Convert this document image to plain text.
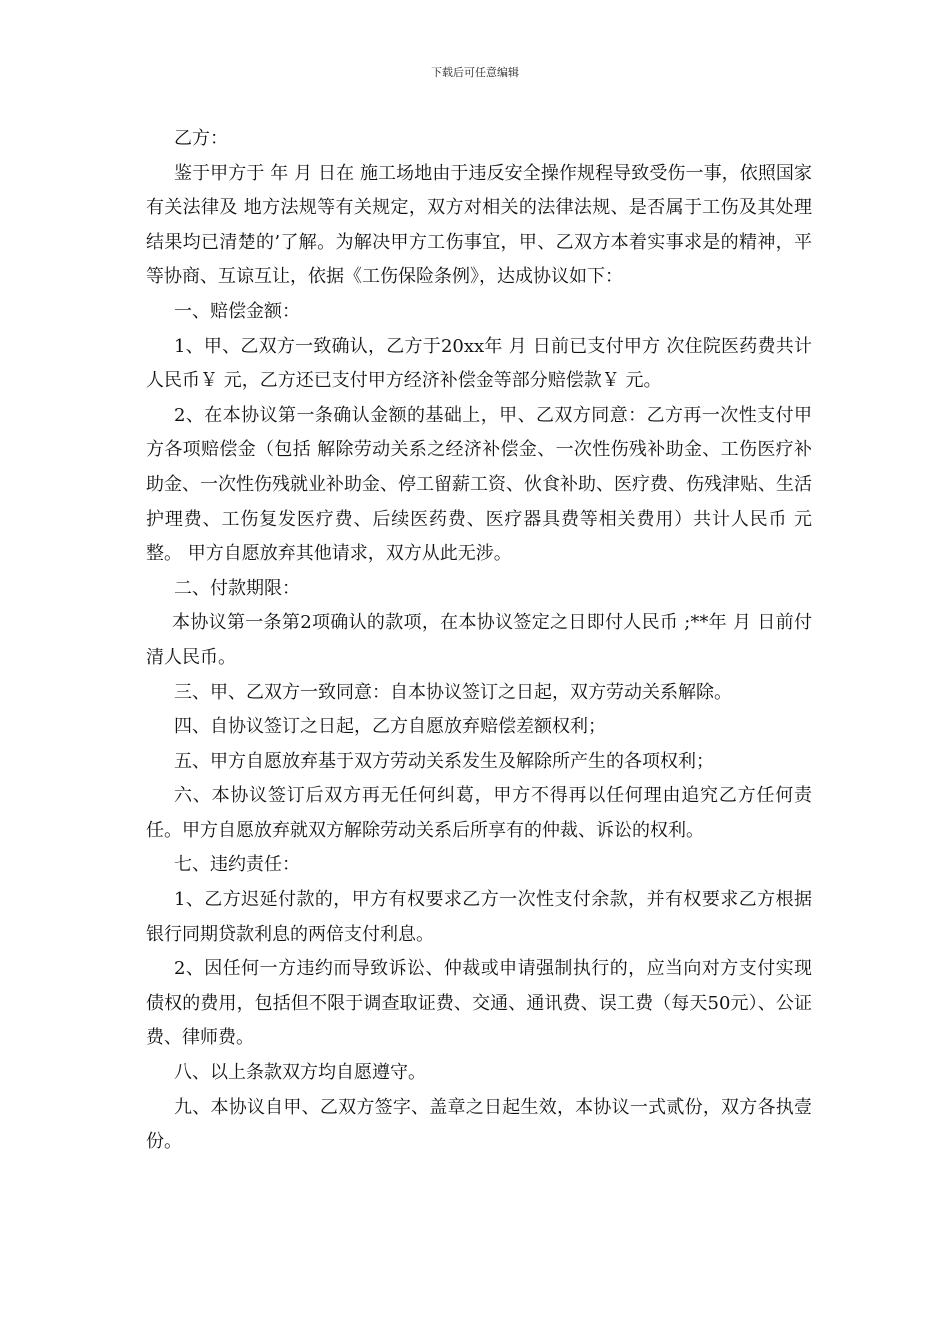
下载后可任意编辑

乙方：

鉴于甲方于 年 月 日在 施工场地由于违反安全操作规程导致受伤一事，依照国家有关法律及 地方法规等有关规定，双方对相关的法律法规、是否属于工伤及其处理结果均已清楚的’了解。为解决甲方工伤事宜，甲、乙双方本着实事求是的精神，平等协商、互谅互让，依据《工伤保险条例》，达成协议如下：

一、赔偿金额：

1、甲、乙双方一致确认，乙方于20xx年 月 日前已支付甲方 次住院医药费共计人民币￥ 元，乙方还已支付甲方经济补偿金等部分赔偿款￥ 元。

2、在本协议第一条确认金额的基础上，甲、乙双方同意：乙方再一次性支付甲方各项赔偿金（包括 解除劳动关系之经济补偿金、一次性伤残补助金、工伤医疗补助金、一次性伤残就业补助金、停工留薪工资、伙食补助、医疗费、伤残津贴、生活护理费、工伤复发医疗费、后续医药费、医疗器具费等相关费用）共计人民币 元整。 甲方自愿放弃其他请求，双方从此无涉。

二、付款期限：

本协议第一条第2项确认的款项，在本协议签定之日即付人民币 ;**年 月 日前付清人民币。

三、甲、乙双方一致同意：自本协议签订之日起，双方劳动关系解除。

四、自协议签订之日起，乙方自愿放弃赔偿差额权利；

五、甲方自愿放弃基于双方劳动关系发生及解除所产生的各项权利；

六、本协议签订后双方再无任何纠葛，甲方不得再以任何理由追究乙方任何责任。甲方自愿放弃就双方解除劳动关系后所享有的仲裁、诉讼的权利。

七、违约责任：

1、乙方迟延付款的，甲方有权要求乙方一次性支付余款，并有权要求乙方根据银行同期贷款利息的两倍支付利息。

2、因任何一方违约而导致诉讼、仲裁或申请强制执行的，应当向对方支付实现债权的费用，包括但不限于调查取证费、交通、通讯费、误工费（每天50元）、公证费、律师费。

八、以上条款双方均自愿遵守。

九、本协议自甲、乙双方签字、盖章之日起生效，本协议一式贰份，双方各执壹份。
